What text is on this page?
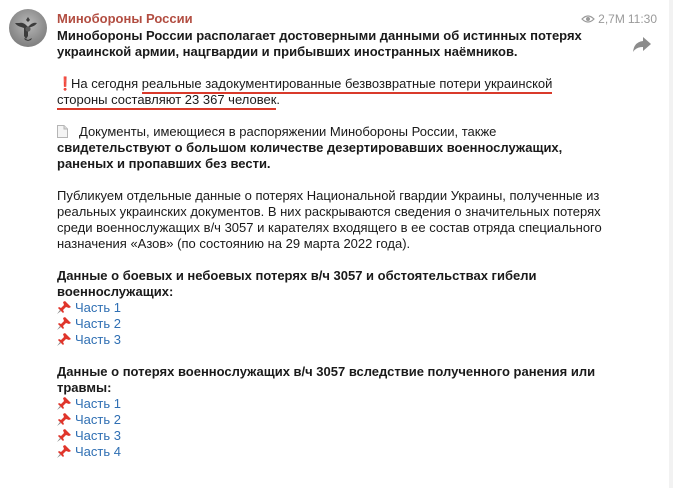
2,7M 11:30
Минобороны России

Минобороны России располагает достоверными данными об истинных потерях украинской армии, нацгвардии и прибывших иностранных наёмников.

❗На сегодня реальные задокументированные безвозвратные потери украинской
стороны составляют 23 367 человек.

Документы, имеющиеся в распоряжении Минобороны России, также свидетельствуют о большом количестве дезертировавших военнослужащих, раненых и пропавших без вести.

Публикуем отдельные данные о потерях Национальной гвардии Украины, полученные из реальных украинских документов. В них раскрываются сведения о значительных потерях среди военнослужащих в/ч 3057 и карателях входящего в ее состав отряда специального назначения «Азов» (по состоянию на 29 марта 2022 года).

Данные о боевых и небоевых потерях в/ч 3057 и обстоятельствах гибели военнослужащих:

Часть 1
Часть 2
Часть 3

Данные о потерях военнослужащих в/ч 3057 вследствие полученного ранения или травмы:

Часть 1
Часть 2
Часть 3
Часть 4
